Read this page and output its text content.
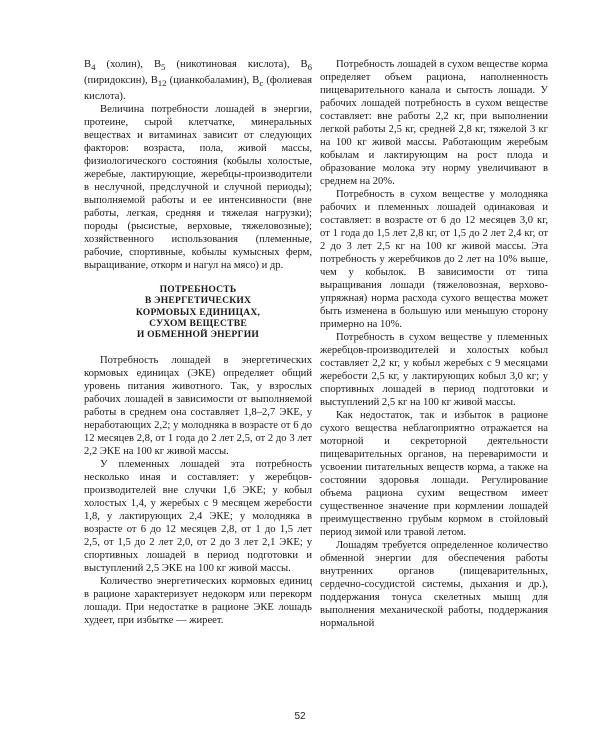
$B_4$ (холин), $B_5$ (никотиновая кислота), $B_6$ (пиридоксин), $B_{12}$ (цианкобаламин), $B_c$ (фолиевая кислота).

Величина потребности лошадей в энергии, протеине, сырой клетчатке, минеральных веществах и витаминах зависит от следующих факторов: возраста, пола, живой массы, физиологического состояния (кобылы холостые, жеребые, лактирующие, жеребцы-производители в неслучной, предслучной и случной периоды); выполняемой работы и ее интенсивности (вне работы, легкая, средняя и тяжелая нагрузки); породы (рысистые, верховые, тяжеловозные); хозяйственного использования (племенные, рабочие, спортивные, кобылы кумысных ферм, выращивание, откорм и нагул на мясо) и др.

ПОТРЕБНОСТЬ
В ЭНЕРГЕТИЧЕСКИХ
КОРМОВЫХ ЕДИНИЦАХ,
СУХОМ ВЕЩЕСТВЕ
И ОБМЕННОЙ ЭНЕРГИИ

Потребность лошадей в энергетических кормовых единицах (ЭКЕ) определяет общий уровень питания животного. Так, у взрослых рабочих лошадей в зависимости от выполняемой работы в среднем она составляет 1,8–2,7 ЭКЕ, у неработающих 2,2; у молодняка в возрасте от 6 до 12 месяцев 2,8, от 1 года до 2 лет 2,5, от 2 до 3 лет 2,2 ЭКЕ на 100 кг живой массы.

У племенных лошадей эта потребность несколько иная и составляет: у жеребцов-производителей вне случки 1,6 ЭКЕ; у кобыл холостых 1,4, у жеребых с 9 месяцем жеребости 1,8, у лактирующих 2,4 ЭКЕ; у молодняка в возрасте от 6 до 12 месяцев 2,8, от 1 до 1,5 лет 2,5, от 1,5 до 2 лет 2,0, от 2 до 3 лет 2,1 ЭКЕ; у спортивных лошадей в период подготовки и выступлений 2,5 ЭКЕ на 100 кг живой массы.

Количество энергетических кормовых единиц в рационе характеризует недокорм или перекорм лошади. При недостатке в рационе ЭКЕ лошадь худеет, при избытке — жиреет.

Потребность лошадей в сухом веществе корма определяет объем рациона, наполненность пищеварительного канала и сытость лошади. У рабочих лошадей потребность в сухом веществе составляет: вне работы 2,2 кг, при выполнении легкой работы 2,5 кг, средней 2,8 кг, тяжелой 3 кг на 100 кг живой массы. Работающим жеребым кобылам и лактирующим на рост плода и образование молока эту норму увеличивают в среднем на 20%.

Потребность в сухом веществе у молодняка рабочих и племенных лошадей одинаковая и составляет: в возрасте от 6 до 12 месяцев 3,0 кг, от 1 года до 1,5 лет 2,8 кг, от 1,5 до 2 лет 2,4 кг, от 2 до 3 лет 2,5 кг на 100 кг живой массы. Эта потребность у жеребчиков до 2 лет на 10% выше, чем у кобылок. В зависимости от типа выращивания лошади (тяжеловозная, верхово-упряжная) норма расхода сухого вещества может быть изменена в большую или меньшую сторону примерно на 10%.

Потребность в сухом веществе у племенных жеребцов-производителей и холостых кобыл составляет 2,2 кг, у кобыл жеребых с 9 месяцами жеребости 2,5 кг, у лактирующих кобыл 3,0 кг; у спортивных лошадей в период подготовки и выступлений 2,5 кг на 100 кг живой массы.

Как недостаток, так и избыток в рационе сухого вещества неблагоприятно отражается на моторной и секреторной деятельности пищеварительных органов, на переваримости и усвоении питательных веществ корма, а также на состоянии здоровья лошади. Регулирование объема рациона сухим веществом имеет существенное значение при кормлении лошадей преимущественно грубым кормом в стойловый период зимой или травой летом.

Лошадям требуется определенное количество обменной энергии для обеспечения работы внутренних органов (пищеварительных, сердечно-сосудистой системы, дыхания и др.), поддержания тонуса скелетных мышц для выполнения механической работы, поддержания нормальной

52
